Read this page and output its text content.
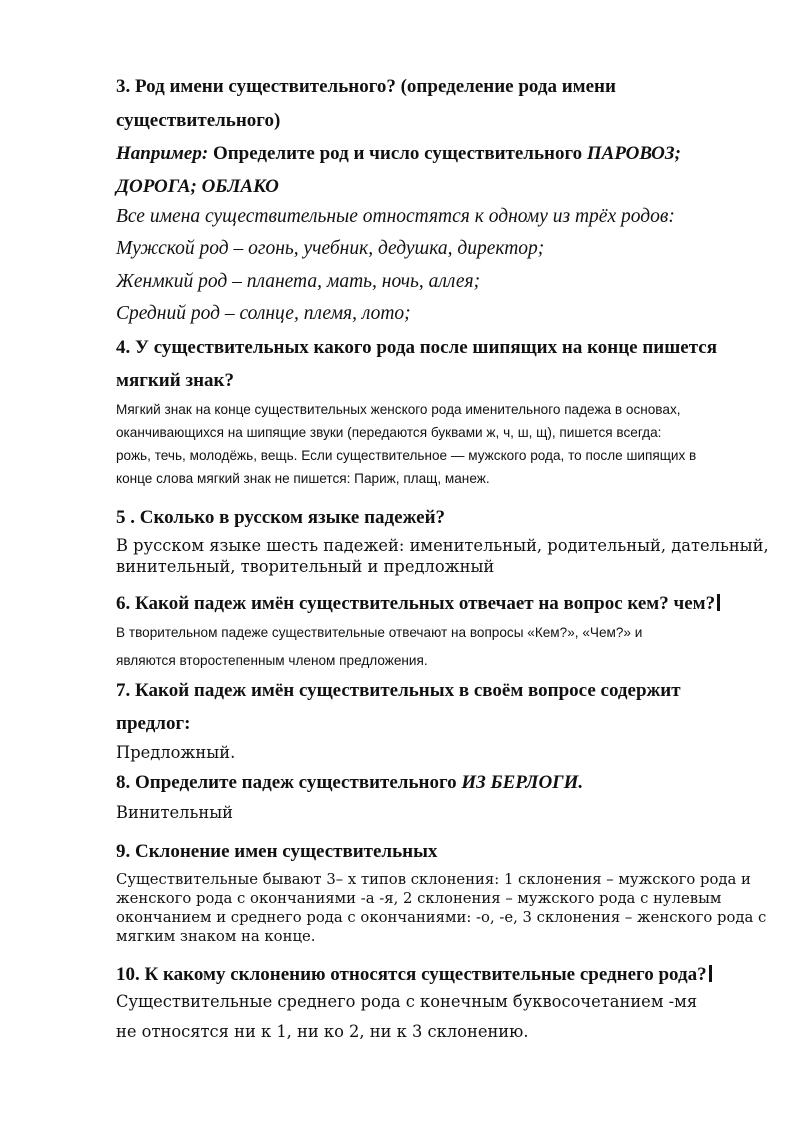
3. Род имени существительного? (определение рода имени
существительного)
Например: Определите род и число существительного ПАРОВОЗ;
ДОРОГА; ОБЛАКО
Все имена существительные отностятся к одному из трёх родов:
Мужской род – огонь, учебник, дедушка, директор;
Женмкий род – планета, мать, ночь, аллея;
Средний род – солнце, племя, лото;
4. У существительных какого рода после шипящих на конце пишется
мягкий знак?
Мягкий знак на конце существительных женского рода именительного падежа в основах,
оканчивающихся на шипящие звуки (передаются буквами ж, ч, ш, щ), пишется всегда:
рожь, течь, молодёжь, вещь. Если существительное — мужского рода, то после шипящих в
конце слова мягкий знак не пишется: Париж, плащ, манеж.
5 . Сколько в русском языке падежей?
В русском языке шесть падежей: именительный, родительный, дательный,
винительный, творительный и предложный
6. Какой падеж имён существительных отвечает на вопрос кем? чем?
В творительном падеже существительные отвечают на вопросы «Кем?», «Чем?» и
являются второстепенным членом предложения.
7. Какой падеж имён существительных в своём вопросе содержит
предлог:
Предложный.
8. Определите падеж существительного ИЗ БЕРЛОГИ.
Винительный
9. Склонение имен существительных
Существительные бывают 3– х типов склонения: 1 склонения – мужского рода и
женского рода с окончаниями -а -я, 2 склонения – мужского рода с нулевым
окончанием и среднего рода с окончаниями: -о, -е, 3 склонения – женского рода с
мягким знаком на конце.
10. К какому склонению относятся существительные среднего рода?
Существительные среднего рода с конечным буквосочетанием -мя
не относятся ни к 1, ни ко 2, ни к 3 склонению.
